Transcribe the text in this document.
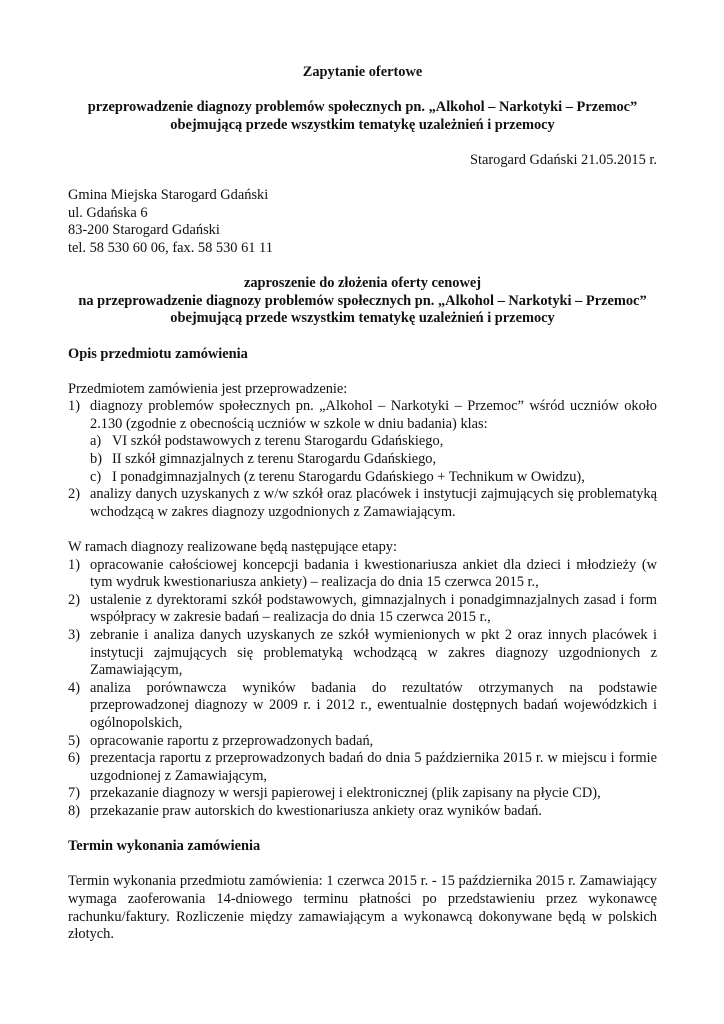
Zapytanie ofertowe
przeprowadzenie diagnozy problemów społecznych pn. „Alkohol – Narkotyki – Przemoc”
obejmującą przede wszystkim tematykę uzależnień i przemocy
Starogard Gdański 21.05.2015 r.
Gmina Miejska Starogard Gdański
ul. Gdańska 6
83-200 Starogard Gdański
tel. 58 530 60 06, fax. 58 530 61 11
zaproszenie do złożenia oferty cenowej
na przeprowadzenie diagnozy problemów społecznych pn. „Alkohol – Narkotyki – Przemoc”
obejmującą przede wszystkim tematykę uzależnień i przemocy
Opis przedmiotu zamówienia
Przedmiotem zamówienia jest przeprowadzenie:
1) diagnozy problemów społecznych pn. „Alkohol – Narkotyki – Przemoc” wśród uczniów około 2.130 (zgodnie z obecnością uczniów w szkole w dniu badania) klas:
a) VI szkół podstawowych z terenu Starogardu Gdańskiego,
b) II szkół gimnazjalnych z terenu Starogardu Gdańskiego,
c) I ponadgimnazjalnych (z terenu Starogardu Gdańskiego + Technikum w Owidzu),
2) analizy danych uzyskanych z w/w szkół oraz placówek i instytucji zajmujących się problematyką wchodzącą w zakres diagnozy uzgodnionych z Zamawiającym.
W ramach diagnozy realizowane będą następujące etapy:
1) opracowanie całościowej koncepcji badania i kwestionariusza ankiet dla dzieci i młodzieży (w tym wydruk kwestionariusza ankiety) – realizacja do dnia 15 czerwca 2015 r.,
2) ustalenie z dyrektorami szkół podstawowych, gimnazjalnych i ponadgimnazjalnych zasad i form współpracy w zakresie badań – realizacja do dnia 15 czerwca 2015 r.,
3) zebranie i analiza danych uzyskanych ze szkół wymienionych w pkt 2 oraz innych placówek i instytucji zajmujących się problematyką wchodzącą w zakres diagnozy uzgodnionych z Zamawiającym,
4) analiza porównawcza wyników badania do rezultatów otrzymanych na podstawie przeprowadzonej diagnozy w 2009 r. i 2012 r., ewentualnie dostępnych badań wojewódzkich i ogólnopolskich,
5) opracowanie raportu z przeprowadzonych badań,
6) prezentacja raportu z przeprowadzonych badań do dnia 5 października 2015 r. w miejscu i formie uzgodnionej z Zamawiającym,
7) przekazanie diagnozy w wersji papierowej i elektronicznej (plik zapisany na płycie CD),
8) przekazanie praw autorskich do kwestionariusza ankiety oraz wyników badań.
Termin wykonania zamówienia
Termin wykonania przedmiotu zamówienia: 1 czerwca 2015 r. - 15 października 2015 r. Zamawiający wymaga zaoferowania 14-dniowego terminu płatności po przedstawieniu przez wykonawcę rachunku/faktury. Rozliczenie między zamawiającym a wykonawcą dokonywane będą w polskich złotych.
